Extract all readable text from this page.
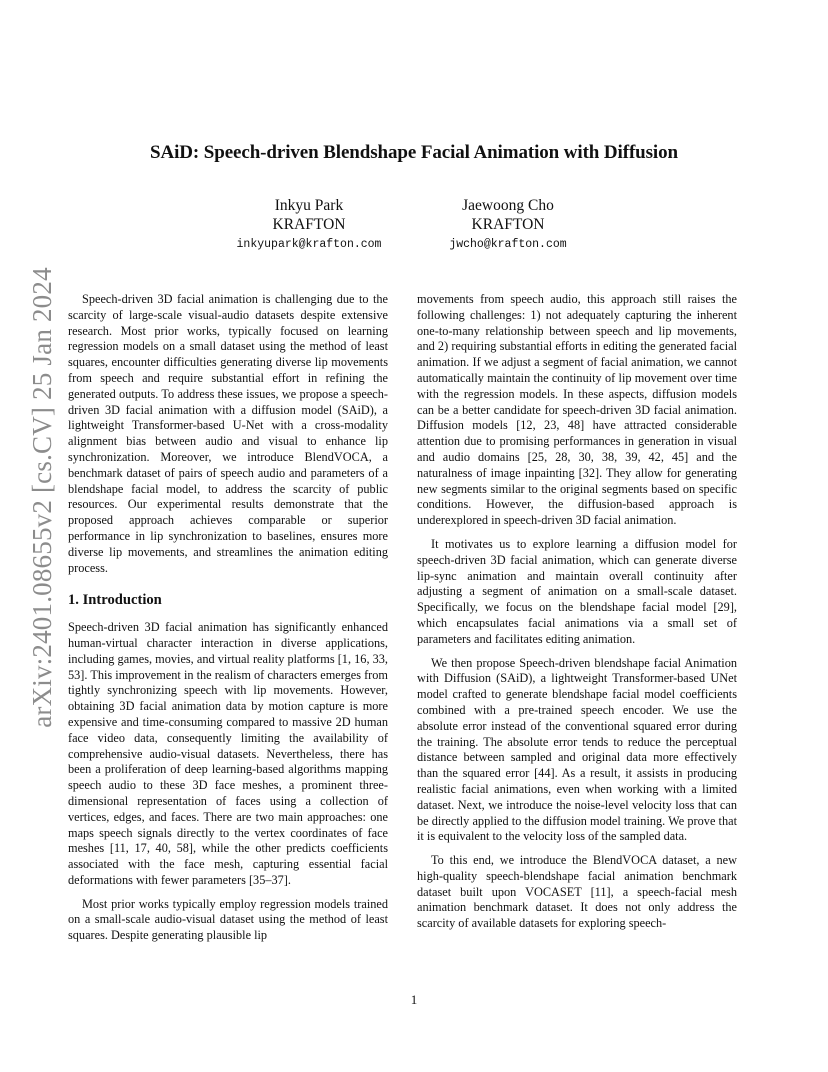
arXiv:2401.08655v2 [cs.CV] 25 Jan 2024
SAiD: Speech-driven Blendshape Facial Animation with Diffusion
Inkyu Park
KRAFTON
inkyupark@krafton.com
Jaewoong Cho
KRAFTON
jwcho@krafton.com

Speech-driven 3D facial animation is challenging due to the scarcity of large-scale visual-audio datasets despite extensive research. Most prior works, typically focused on learning regression models on a small dataset using the method of least squares, encounter difficulties generating diverse lip movements from speech and require substantial effort in refining the generated outputs. To address these issues, we propose a speech-driven 3D facial animation with a diffusion model (SAiD), a lightweight Transformer-based U-Net with a cross-modality alignment bias between audio and visual to enhance lip synchronization. Moreover, we introduce BlendVOCA, a benchmark dataset of pairs of speech audio and parameters of a blendshape facial model, to address the scarcity of public resources. Our experimental results demonstrate that the proposed approach achieves comparable or superior performance in lip synchronization to baselines, ensures more diverse lip movements, and streamlines the animation editing process.

1. Introduction

Speech-driven 3D facial animation has significantly enhanced human-virtual character interaction in diverse applications, including games, movies, and virtual reality platforms [1, 16, 33, 53]. This improvement in the realism of characters emerges from tightly synchronizing speech with lip movements. However, obtaining 3D facial animation data by motion capture is more expensive and time-consuming compared to massive 2D human face video data, consequently limiting the availability of comprehensive audio-visual datasets. Nevertheless, there has been a proliferation of deep learning-based algorithms mapping speech audio to these 3D face meshes, a prominent three-dimensional representation of faces using a collection of vertices, edges, and faces. There are two main approaches: one maps speech signals directly to the vertex coordinates of face meshes [11, 17, 40, 58], while the other predicts coefficients associated with the face mesh, capturing essential facial deformations with fewer parameters [35–37].

Most prior works typically employ regression models trained on a small-scale audio-visual dataset using the method of least squares. Despite generating plausible lip

movements from speech audio, this approach still raises the following challenges: 1) not adequately capturing the inherent one-to-many relationship between speech and lip movements, and 2) requiring substantial efforts in editing the generated facial animation. If we adjust a segment of facial animation, we cannot automatically maintain the continuity of lip movement over time with the regression models. In these aspects, diffusion models can be a better candidate for speech-driven 3D facial animation. Diffusion models [12, 23, 48] have attracted considerable attention due to promising performances in generation in visual and audio domains [25, 28, 30, 38, 39, 42, 45] and the naturalness of image inpainting [32]. They allow for generating new segments similar to the original segments based on specific conditions. However, the diffusion-based approach is underexplored in speech-driven 3D facial animation.

It motivates us to explore learning a diffusion model for speech-driven 3D facial animation, which can generate diverse lip-sync animation and maintain overall continuity after adjusting a segment of animation on a small-scale dataset. Specifically, we focus on the blendshape facial model [29], which encapsulates facial animations via a small set of parameters and facilitates editing animation.

We then propose Speech-driven blendshape facial Animation with Diffusion (SAiD), a lightweight Transformer-based UNet model crafted to generate blendshape facial model coefficients combined with a pre-trained speech encoder. We use the absolute error instead of the conventional squared error during the training. The absolute error tends to reduce the perceptual distance between sampled and original data more effectively than the squared error [44]. As a result, it assists in producing realistic facial animations, even when working with a limited dataset. Next, we introduce the noise-level velocity loss that can be directly applied to the diffusion model training. We prove that it is equivalent to the velocity loss of the sampled data.

To this end, we introduce the BlendVOCA dataset, a new high-quality speech-blendshape facial animation benchmark dataset built upon VOCASET [11], a speech-facial mesh animation benchmark dataset. It does not only address the scarcity of available datasets for exploring speech-

1
